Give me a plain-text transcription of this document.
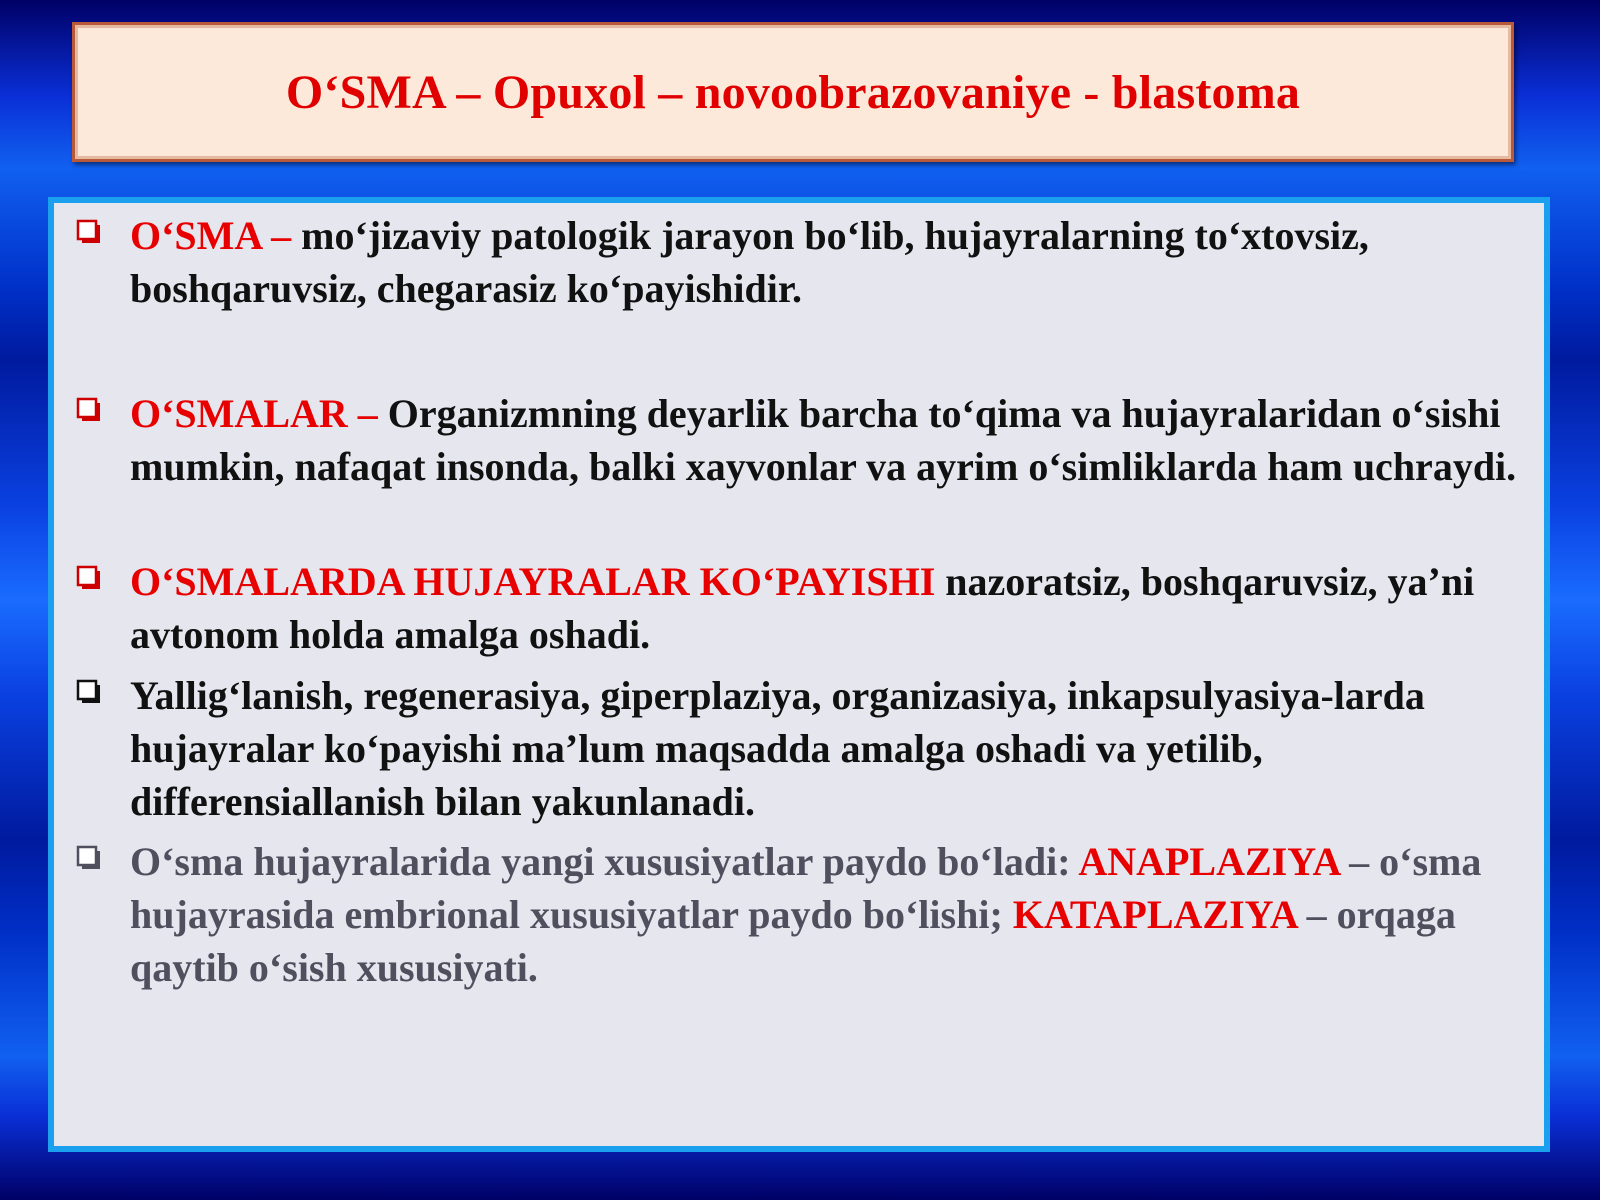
O‘SMA – Opuxol – novoobrazovaniye - blastoma
O‘SMA – mo‘jizaviy patologik jarayon bo‘lib, hujayralarning to‘xtovsiz, boshqaruvsiz, chegarasiz ko‘payishidir.
O‘SMALAR – Organizmning deyarlik barcha to‘qima va hujayralaridan o‘sishi mumkin, nafaqat insonda, balki xayvonlar va ayrim o‘simliklarda ham uchraydi.
O‘SMALARDA HUJAYRALAR KO‘PAYISHI nazoratsiz, boshqaruvsiz, ya’ni avtonom holda amalga oshadi.
Yallig‘lanish, regenerasiya, giperplaziya, organizasiya, inkapsulyasiya-larda hujayralar ko‘payishi ma’lum maqsadda amalga oshadi va yetilib, differensiallanish bilan yakunlanadi.
O‘sma hujayralarida yangi xususiyatlar paydo bo‘ladi: ANAPLAZIYA – o‘sma hujayrasida embrional xususiyatlar paydo bo‘lishi; KATAPLAZIYA – orqaga qaytib o‘sish xususiyati.
